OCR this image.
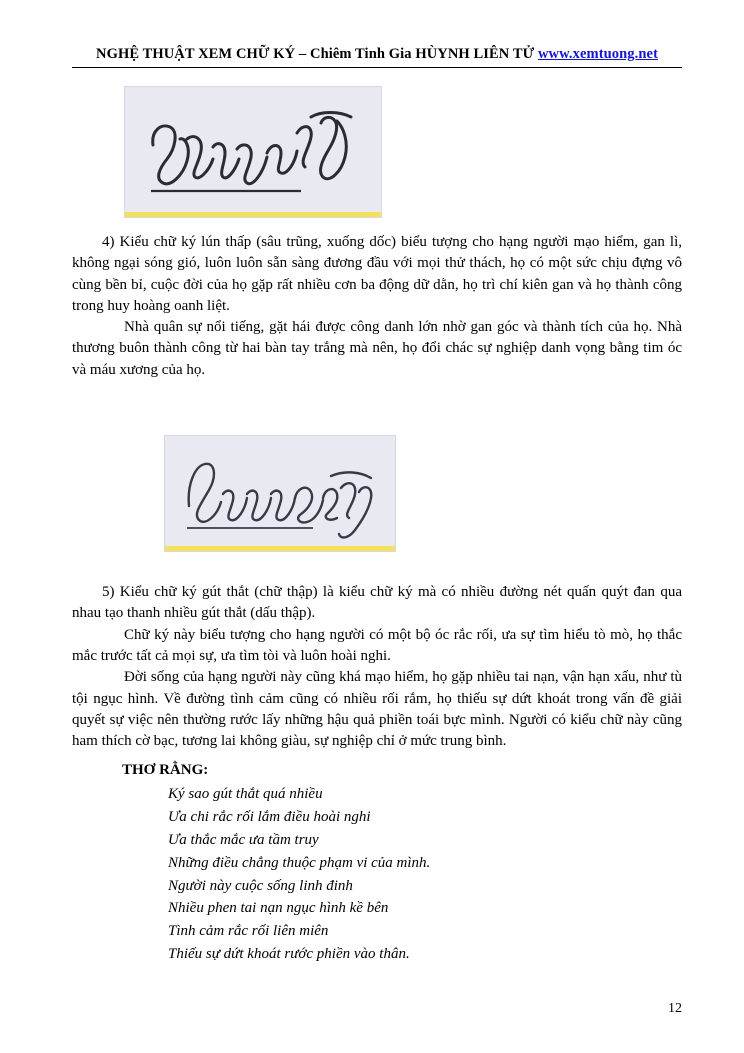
NGHỆ THUẬT XEM CHỮ KÝ – Chiêm Tinh Gia HÙYNH LIÊN TỬ www.xemtuong.net

4) Kiểu chữ ký lún thấp (sâu trũng, xuống dốc) biểu tượng cho hạng người mạo hiểm, gan lì, không ngại sóng gió, luôn luôn sẵn sàng đương đầu với mọi thử thách, họ có một sức chịu đựng vô cùng bền bỉ, cuộc đời của họ gặp rất nhiều cơn ba động dữ dằn, họ trì chí kiên gan và họ thành công trong huy hoàng oanh liệt.

Nhà quân sự nổi tiếng, gặt hái được công danh lớn nhờ gan góc và thành tích của họ. Nhà thương buôn thành công từ hai bàn tay trắng mà nên, họ đổi chác sự nghiệp danh vọng bằng tim óc và máu xương của họ.

5) Kiểu chữ ký gút thắt (chữ thập) là kiểu chữ ký mà có nhiều đường nét quấn quýt đan qua nhau tạo thanh nhiều gút thắt (dấu thập).

Chữ ký này biểu tượng cho hạng người có một bộ óc rắc rối, ưa sự tìm hiểu tò mò, họ thắc mắc trước tất cả mọi sự, ưa tìm tòi và luôn hoài nghi.

Đời sống của hạng người này cũng khá mạo hiểm, họ gặp nhiều tai nạn, vận hạn xấu, như tù tội ngục hình. Về đường tình cảm cũng có nhiều rối rắm, họ thiếu sự dứt khoát trong vấn đề giải quyết sự việc nên thường rước lấy những hậu quả phiền toái bực mình. Người có kiểu chữ này cũng ham thích cờ bạc, tương lai không giàu, sự nghiệp chỉ ở mức trung bình.

THƠ RẰNG:
Ký sao gút thắt quá nhiều
Ưa chi rắc rối lắm điều hoài nghi
Ưa thắc mắc ưa tầm truy
Những điều chẳng thuộc phạm vi của mình.
Người này cuộc sống linh đinh
Nhiều phen tai nạn ngục hình kề bên
Tình cảm rắc rối liên miên
Thiếu sự dứt khoát rước phiền vào thân.
12
